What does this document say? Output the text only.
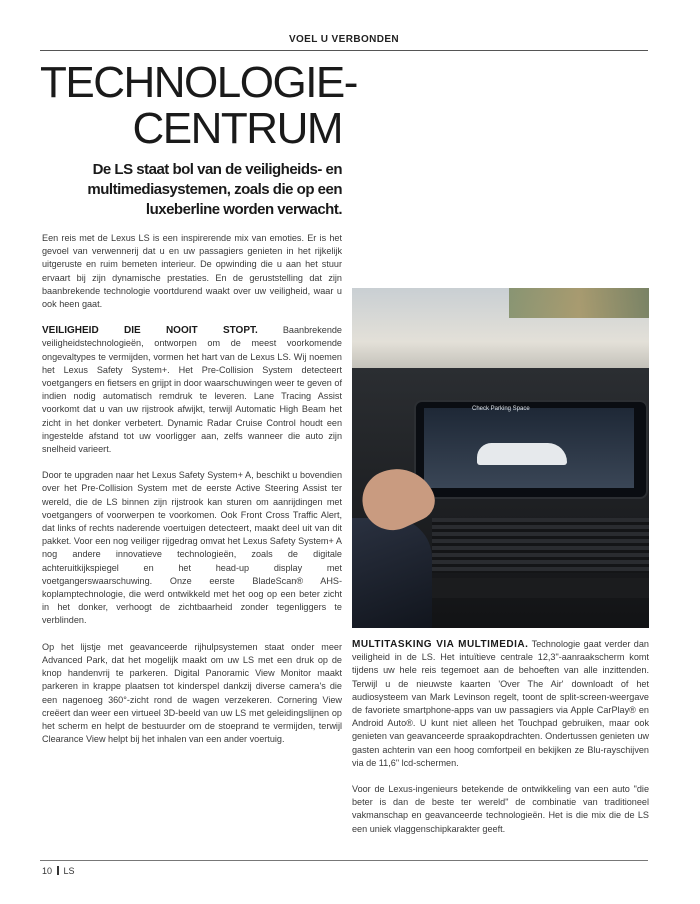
VOEL U VERBONDEN
TECHNOLOGIE-
CENTRUM
De LS staat bol van de veiligheids- en multimediasystemen, zoals die op een luxeberline worden verwacht.

Een reis met de Lexus LS is een inspirerende mix van emoties. Er is het gevoel van verwennerij dat u en uw passagiers genieten in het rijkelijk uitgeruste en ruim bemeten interieur. De opwinding die u aan het stuur ervaart bij zijn dynamische prestaties. En de geruststelling dat zijn baanbrekende technologie voortdurend waakt over uw veiligheid, waar u ook heen gaat.

VEILIGHEID DIE NOOIT STOPT.	Baanbrekende veiligheidstechnologieën, ontworpen om de meest voorkomende ongevaltypes te vermijden, vormen het hart van de Lexus LS. Wij noemen het Lexus Safety System+. Het Pre-Collision System detecteert voetgangers en fietsers en grijpt in door waarschuwingen weer te geven of indien nodig automatisch remdruk te leveren. Lane Tracing Assist voorkomt dat u van uw rijstrook afwijkt, terwijl Automatic High Beam het zicht in het donker verbetert. Dynamic Radar Cruise Control houdt een ingestelde afstand tot uw voorligger aan, zelfs wanneer die auto zijn snelheid varieert.

Door te upgraden naar het Lexus Safety System+ A, beschikt u bovendien over het Pre-Collision System met de eerste Active Steering Assist ter wereld, die de LS binnen zijn rijstrook kan sturen om aanrijdingen met voetgangers of voorwerpen te voorkomen. Ook Front Cross Traffic Alert, dat links of rechts naderende voertuigen detecteert, maakt deel uit van dit pakket. Voor een nog veiliger rijgedrag omvat het Lexus Safety System+ A nog andere innovatieve technologieën, zoals de digitale achteruitkijkspiegel en het head-up display met voetgangerswaarschuwing. Onze eerste BladeScan® AHS-koplamptechnologie, die werd ontwikkeld met het oog op een beter zicht in het donker, verhoogt de zichtbaarheid zonder tegenliggers te verblinden.

Op het lijstje met geavanceerde rijhulpsystemen staat onder meer Advanced Park, dat het mogelijk maakt om uw LS met een druk op de knop handenvrij te parkeren. Digital Panoramic View Monitor maakt parkeren in krappe plaatsen tot kinderspel dankzij diverse camera's die een nagenoeg 360°-zicht rond de wagen verzekeren. Cornering View creëert dan weer een virtueel 3D-beeld van uw LS met geleidingslijnen op het scherm en helpt de bestuurder om de stoeprand te vermijden, terwijl Clearance View helpt bij het inhalen van een ander voertuig.

Check Parking Space

MULTITASKING VIA MULTIMEDIA. Technologie gaat verder dan veiligheid in de LS. Het intuïtieve centrale 12,3"-aanraakscherm komt tijdens uw hele reis tegemoet aan de behoeften van alle inzittenden. Terwijl u de nieuwste kaarten 'Over The Air' downloadt of het audiosysteem van Mark Levinson regelt, toont de split-screen-weergave de favoriete smartphone-apps van uw passagiers via Apple CarPlay® en Android Auto®. U kunt niet alleen het Touchpad gebruiken, maar ook genieten van geavanceerde spraakopdrachten. Ondertussen genieten uw gasten achterin van een hoog comfortpeil en bekijken ze Blu-rayschijven via de 11,6" lcd-schermen.

Voor de Lexus-ingenieurs betekende de ontwikkeling van een auto "die beter is dan de beste ter wereld" de combinatie van traditioneel vakmanschap en geavanceerde technologieën. Het is die mix die de LS een uniek vlaggenschipkarakter geeft.

10 LS
